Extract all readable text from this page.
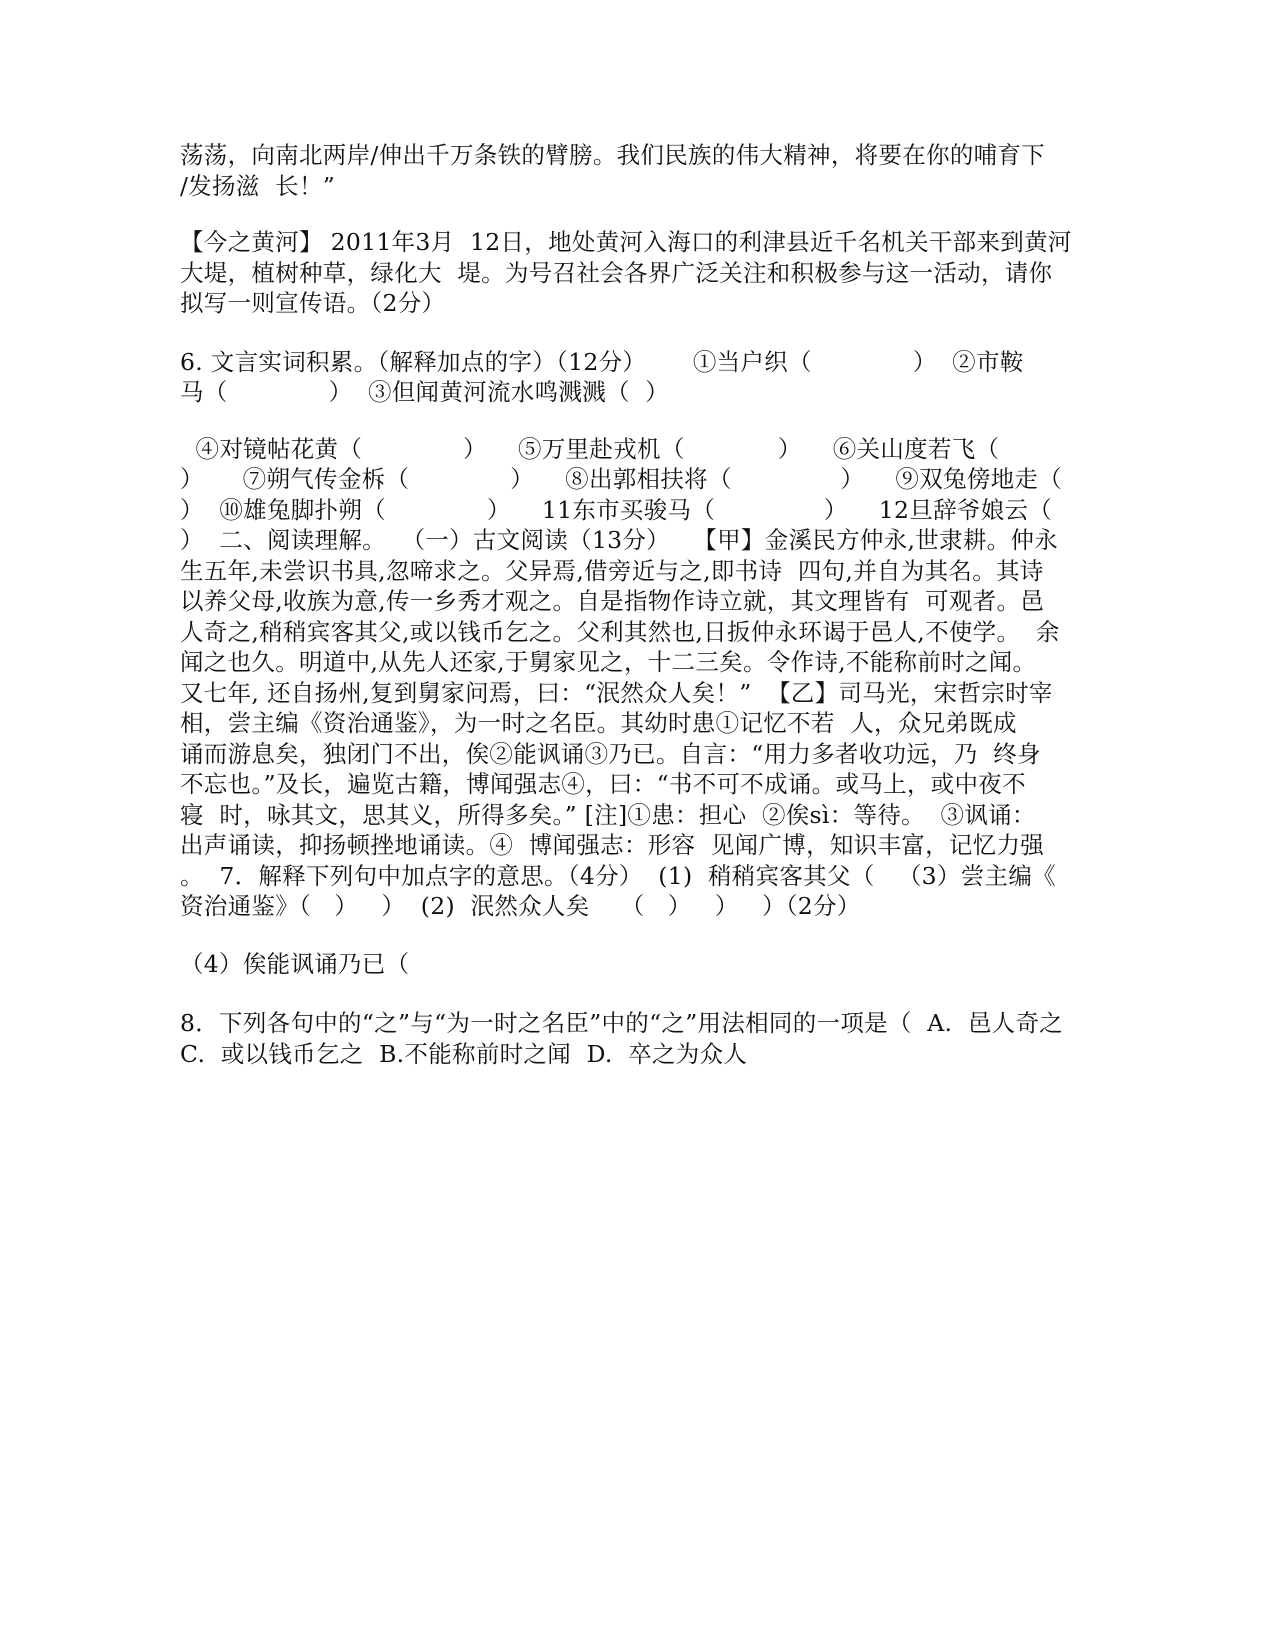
荡荡，向南北两岸/伸出千万条铁的臂膀。我们民族的伟大精神，将要在你的哺育下
/发扬滋  长！”
【今之黄河】 2011年3月  12日，地处黄河入海口的利津县近千名机关干部来到黄河
大堤，植树种草，绿化大  堤。为号召社会各界广泛关注和积极参与这一活动，请你
拟写一则宣传语。（2分）
6. 文言实词积累。（解释加点的字）（12分）      ①当户织（             ）  ②市鞍
马（             ）  ③但闻黄河流水鸣溅溅（  ）
④对镜帖花黄（             ）    ⑤万里赴戎机（            ）    ⑥关山度若飞（
）     ⑦朔气传金柝（             ）    ⑧出郭相扶将（              ）    ⑨双兔傍地走（
）  ⑩雄兔脚扑朔（             ）    11东市买骏马（              ）    12旦辞爷娘云（
）  二、阅读理解。  （一）古文阅读（13分）   【甲】金溪民方仲永,世隶耕。仲永
生五年,未尝识书具,忽啼求之。父异焉,借旁近与之,即书诗  四句,并自为其名。其诗
以养父母,收族为意,传一乡秀才观之。自是指物作诗立就，其文理皆有  可观者。邑
人奇之,稍稍宾客其父,或以钱币乞之。父利其然也,日扳仲永环谒于邑人,不使学。  余
闻之也久。明道中,从先人还家,于舅家见之，十二三矣。令作诗,不能称前时之闻。
又七年, 还自扬州,复到舅家问焉，曰：“泯然众人矣！”  【乙】司马光，宋哲宗时宰
相，尝主编《资治通鉴》，为一时之名臣。其幼时患①记忆不若  人，众兄弟既成
诵而游息矣，独闭门不出，俟②能讽诵③乃已。自言：“用力多者收功远，乃  终身
不忘也。”及长，遍览古籍，博闻强志④，曰：“书不可不成诵。或马上，或中夜不
寝  时，咏其文，思其义，所得多矣。” [注]①患：担心  ②俟sì：等待。  ③讽诵：
出声诵读，抑扬顿挫地诵读。④  博闻强志：形容  见闻广博，知识丰富，记忆力强
。  7．解释下列句中加点字的意思。（4分）  (1)  稍稍宾客其父（   （3）尝主编《
资治通鉴》（   ）   ）  (2)  泯然众人矣    （   ）   ）   ）（2分）
（4）俟能讽诵乃已（
8．下列各句中的“之”与“为一时之名臣”中的“之”用法相同的一项是（  A.  邑人奇之
C.  或以钱币乞之  B.不能称前时之闻  D.  卒之为众人
